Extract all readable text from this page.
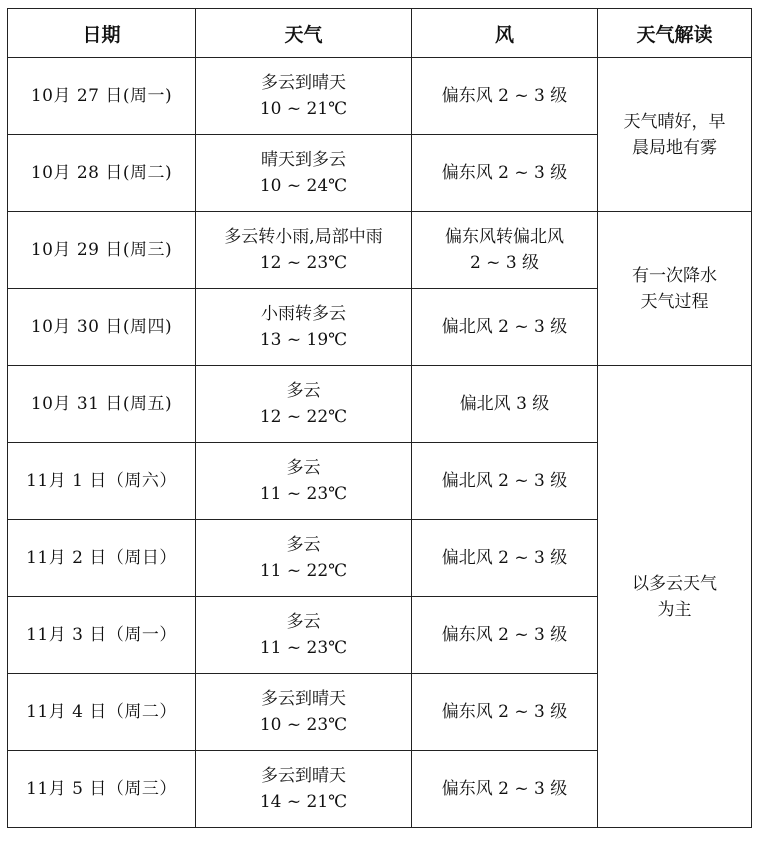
日期	天气	风	天气解读
10月 27 日(周一)	多云到晴天
10 ~ 21℃	偏东风 2 ~ 3 级	天气晴好，早
晨局地有雾

10月 28 日(周二)	晴天到多云
10 ~ 24℃	偏东风 2 ~ 3 级	

10月 29 日(周三)	多云转小雨,局部中雨
12 ~ 23℃	偏东风转偏北风
2 ~ 3 级	有一次降水
天气过程

10月 30 日(周四)	小雨转多云
13 ~ 19℃	偏北风 2 ~ 3 级	

10月 31 日(周五)	多云
12 ~ 22℃	偏北风 3 级	以多云天气
为主

11月 1 日（周六）	多云
11 ~ 23℃	偏北风 2 ~ 3 级	

11月 2 日（周日）	多云
11 ~ 22℃	偏北风 2 ~ 3 级	

11月 3 日（周一）	多云
11 ~ 23℃	偏东风 2 ~ 3 级	

11月 4 日（周二）	多云到晴天
10 ~ 23℃	偏东风 2 ~ 3 级	

11月 5 日（周三）	多云到晴天
14 ~ 21℃	偏东风 2 ~ 3 级	
